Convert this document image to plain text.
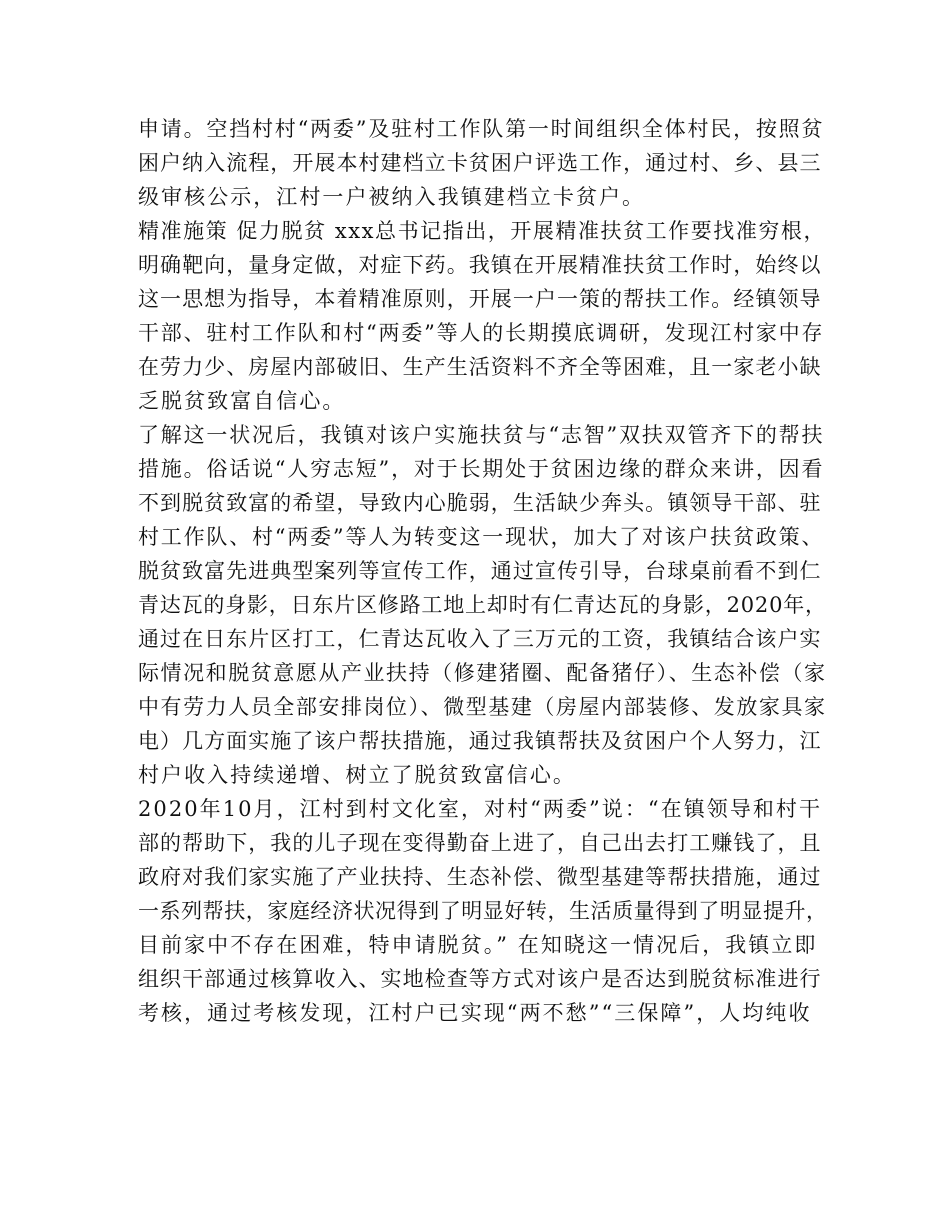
申请。空挡村村“两委”及驻村工作队第一时间组织全体村民，按照贫
困户纳入流程，开展本村建档立卡贫困户评选工作，通过村、乡、县三
级审核公示，江村一户被纳入我镇建档立卡贫户。
精准施策 促力脱贫 xxx总书记指出，开展精准扶贫工作要找准穷根，
明确靶向，量身定做，对症下药。我镇在开展精准扶贫工作时，始终以
这一思想为指导，本着精准原则，开展一户一策的帮扶工作。经镇领导
干部、驻村工作队和村“两委”等人的长期摸底调研，发现江村家中存
在劳力少、房屋内部破旧、生产生活资料不齐全等困难，且一家老小缺
乏脱贫致富自信心。
了解这一状况后，我镇对该户实施扶贫与“志智”双扶双管齐下的帮扶
措施。俗话说“人穷志短”，对于长期处于贫困边缘的群众来讲，因看
不到脱贫致富的希望，导致内心脆弱，生活缺少奔头。镇领导干部、驻
村工作队、村“两委”等人为转变这一现状，加大了对该户扶贫政策、
脱贫致富先进典型案列等宣传工作，通过宣传引导，台球桌前看不到仁
青达瓦的身影，日东片区修路工地上却时有仁青达瓦的身影，2020年，
通过在日东片区打工，仁青达瓦收入了三万元的工资，我镇结合该户实
际情况和脱贫意愿从产业扶持（修建猪圈、配备猪仔）、生态补偿（家
中有劳力人员全部安排岗位）、微型基建（房屋内部装修、发放家具家
电）几方面实施了该户帮扶措施，通过我镇帮扶及贫困户个人努力，江
村户收入持续递增、树立了脱贫致富信心。
2020年10月，江村到村文化室，对村“两委”说：“在镇领导和村干
部的帮助下，我的儿子现在变得勤奋上进了，自己出去打工赚钱了，且
政府对我们家实施了产业扶持、生态补偿、微型基建等帮扶措施，通过
一系列帮扶，家庭经济状况得到了明显好转，生活质量得到了明显提升，
目前家中不存在困难，特申请脱贫。” 在知晓这一情况后，我镇立即
组织干部通过核算收入、实地检查等方式对该户是否达到脱贫标准进行
考核，通过考核发现，江村户已实现“两不愁”“三保障”，人均纯收
